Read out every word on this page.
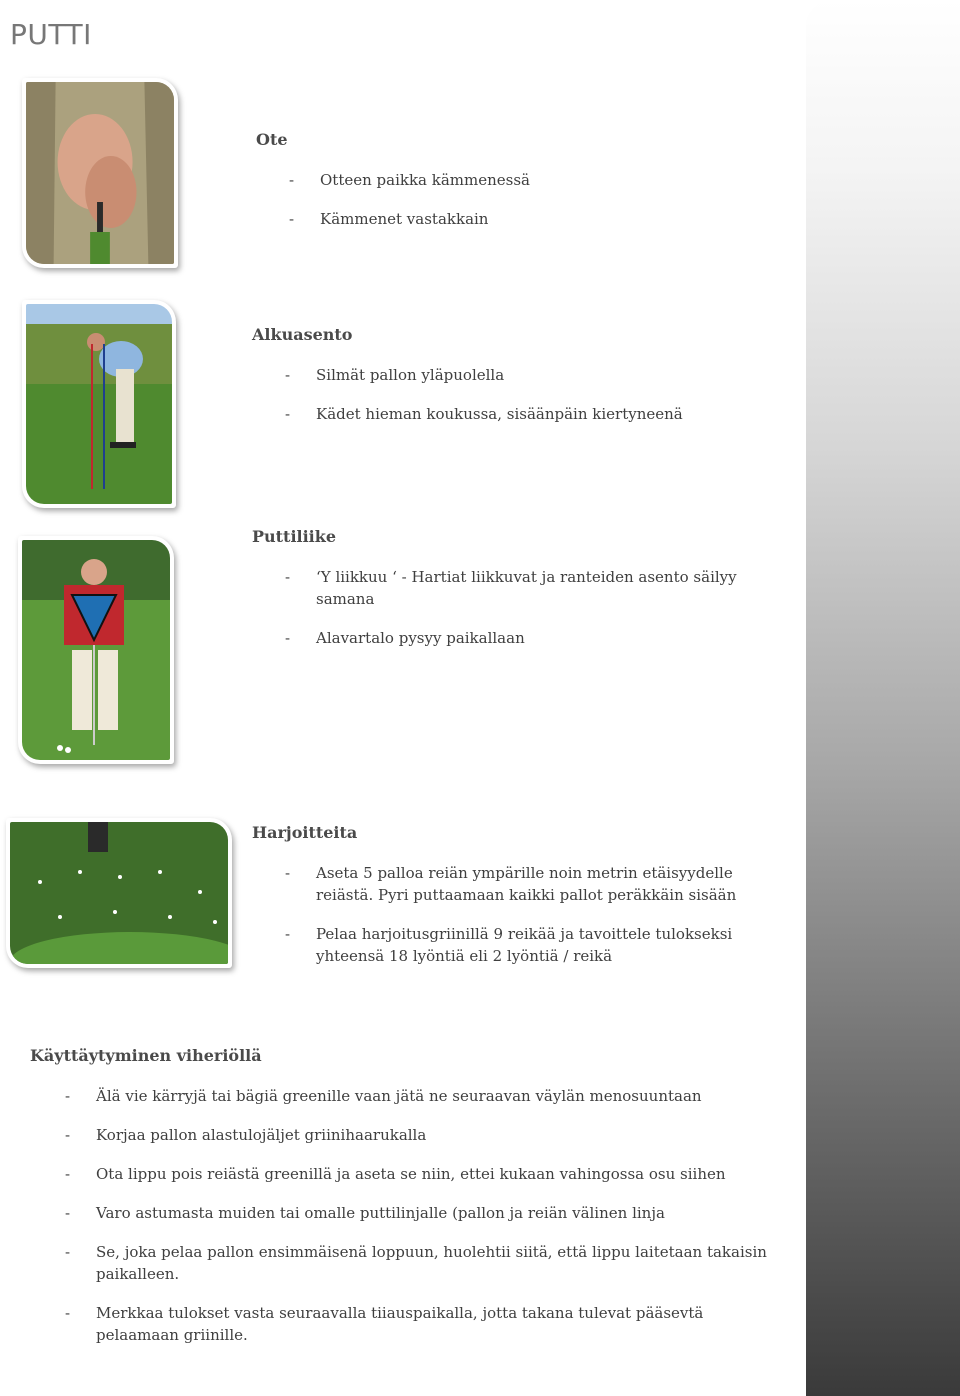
PUTTI
Ote
- Otteen paikka kämmenessä
- Kämmenet vastakkain
Alkuasento
- Silmät pallon yläpuolella
- Kädet hieman koukussa, sisäänpäin kiertyneenä
Puttiliike
- ‘Y liikkuu ‘ - Hartiat liikkuvat ja ranteiden asento säilyy samana
- Alavartalo pysyy paikallaan
Harjoitteita
- Aseta 5 palloa reiän ympärille noin metrin etäisyydelle reiästä. Pyri puttaamaan kaikki pallot peräkkäin sisään
- Pelaa harjoitusgriinillä 9 reikää ja tavoittele tulokseksi yhteensä 18 lyöntiä eli 2 lyöntiä / reikä
Käyttäytyminen viheriöllä
- Älä vie kärryjä tai bägiä greenille vaan jätä ne seuraavan väylän menosuuntaan
- Korjaa pallon alastulojäljet griinihaarukalla
- Ota lippu pois reiästä greenillä ja aseta se niin, ettei kukaan vahingossa osu siihen
- Varo astumasta muiden tai omalle puttilinjalle (pallon ja reiän välinen linja
- Se, joka pelaa pallon ensimmäisenä loppuun, huolehtii siitä, että lippu laitetaan takaisin paikalleen.
- Merkkaa tulokset vasta seuraavalla tiiauspaikalla, jotta takana tulevat pääsevtä pelaamaan griinille.
